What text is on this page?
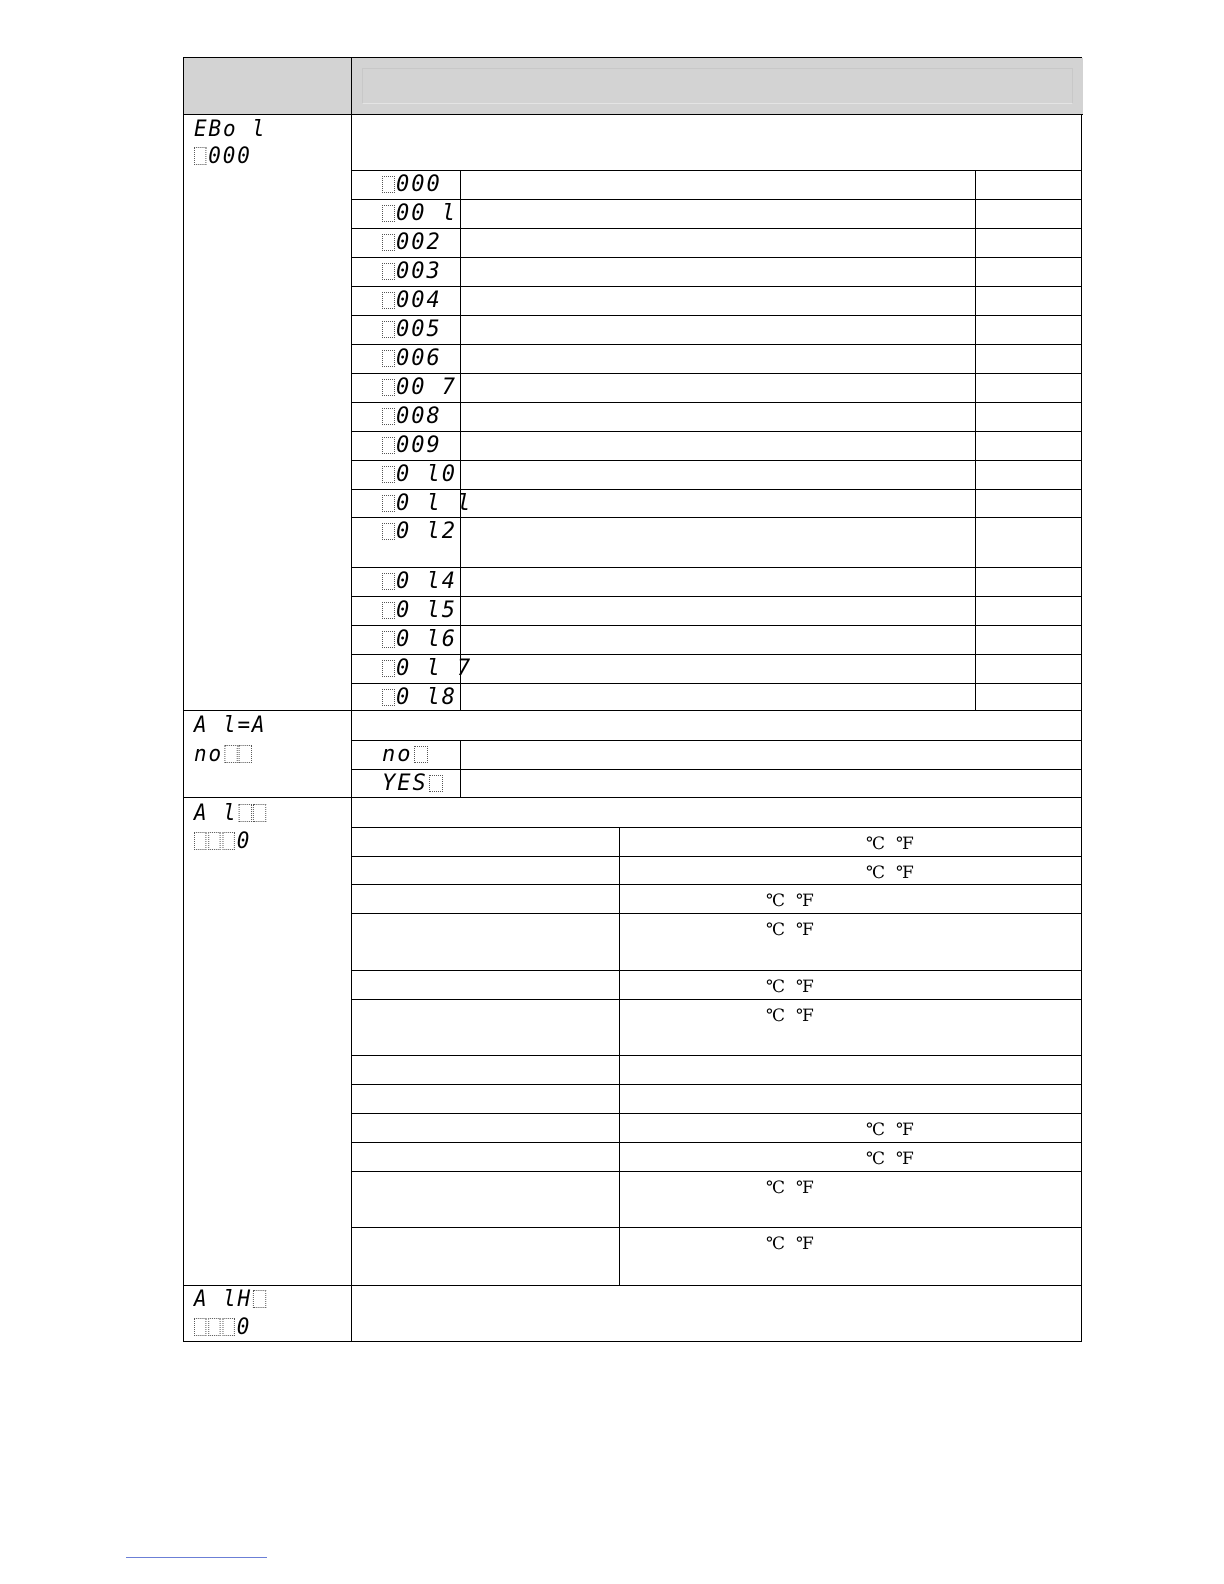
EBo l
000
000
00 l
002
003
004
005
006
00 7
008
009
0 l0
0 l l
0 l2
0 l4
0 l5
0 l6
0 l 7
0 l8
A l=A
no	no
YES
A l
0	℃ ℉
℃ ℉
℃ ℉
℃ ℉
℃ ℉
℃ ℉
℃ ℉
℃ ℉
℃ ℉
℃ ℉
A lH
0
